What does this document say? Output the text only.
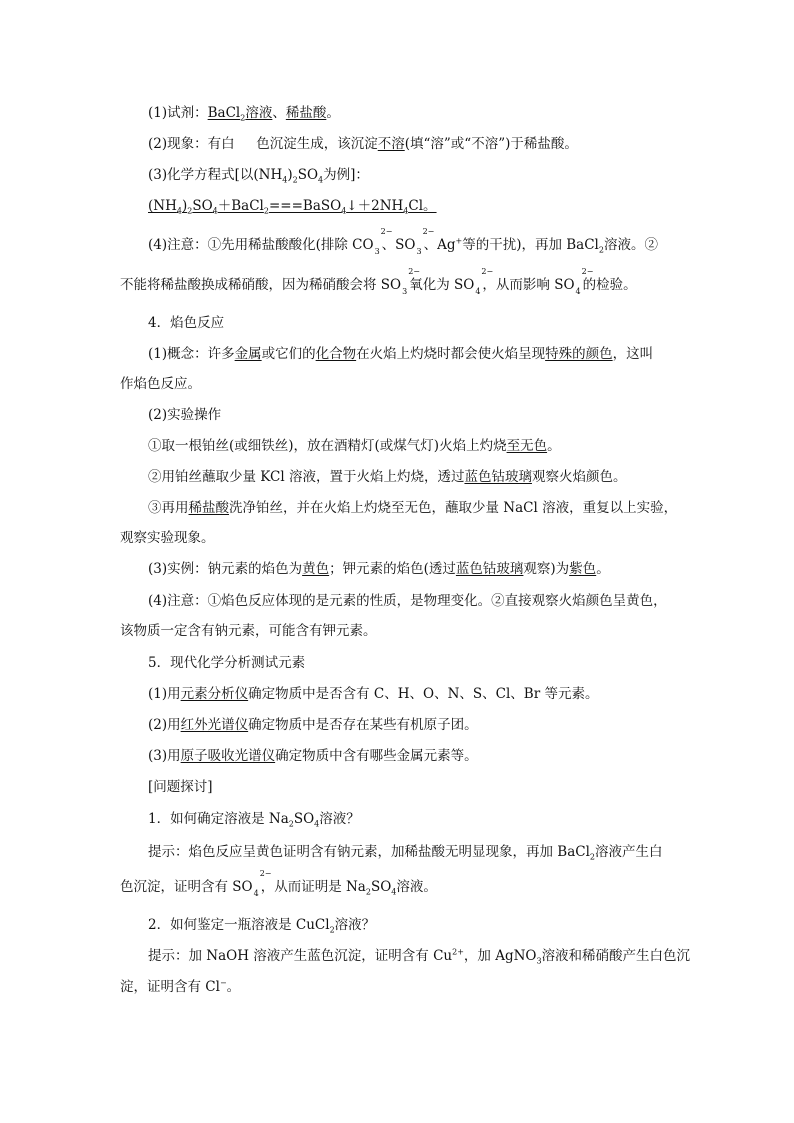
(1)试剂：BaCl$_2$溶液、稀盐酸。
(2)现象：有白 色沉淀生成，该沉淀不溶(填“溶”或“不溶”)于稀盐酸。
(3)化学方程式[以$(NH_4)_2SO_4$为例]：
$(NH_4)_2SO_4+BaCl_2===BaSO_4↓+2NH_4Cl$。
(4)注意：①先用稀盐酸酸化(排除 CO
2−
$_3$ 、SO
2−
$_3$ 、Ag+等的干扰)，再加 BaCl$_2$溶液。②
不能将稀盐酸换成稀硝酸，因为稀硝酸会将 SO
2−
$_3$ 氧化为 SO
2−
$_4$ ，从而影响 SO
2−
$_4$ 的检验。
4．焰色反应
(1)概念：许多金属或它们的化合物在火焰上灼烧时都会使火焰呈现特殊的颜色，这叫
作焰色反应。
(2)实验操作
①取一根铂丝(或细铁丝)，放在酒精灯(或煤气灯)火焰上灼烧至无色。
②用铂丝蘸取少量 KCl 溶液，置于火焰上灼烧，透过蓝色钴玻璃观察火焰颜色。
③再用稀盐酸洗净铂丝，并在火焰上灼烧至无色，蘸取少量 NaCl 溶液，重复以上实验，
观察实验现象。
(3)实例：钠元素的焰色为黄色；钾元素的焰色(透过蓝色钴玻璃观察)为紫色。
(4)注意：①焰色反应体现的是元素的性质，是物理变化。②直接观察火焰颜色呈黄色，
该物质一定含有钠元素，可能含有钾元素。
5．现代化学分析测试元素
(1)用元素分析仪确定物质中是否含有 C、H、O、N、S、Cl、Br 等元素。
(2)用红外光谱仪确定物质中是否存在某些有机原子团。
(3)用原子吸收光谱仪确定物质中含有哪些金属元素等。
[问题探讨]
1．如何确定溶液是 $Na_2SO_4$溶液？
提示：焰色反应呈黄色证明含有钠元素，加稀盐酸无明显现象，再加 BaCl$_2$溶液产生白
色沉淀，证明含有 SO
2−
$_4$ ，从而证明是 $Na_2SO_4$溶液。
2．如何鉴定一瓶溶液是 CuCl$_2$溶液？
提示：加 NaOH 溶液产生蓝色沉淀，证明含有 $Cu^{2+}$，加 AgNO$_3$溶液和稀硝酸产生白色沉
淀，证明含有 Cl−。
